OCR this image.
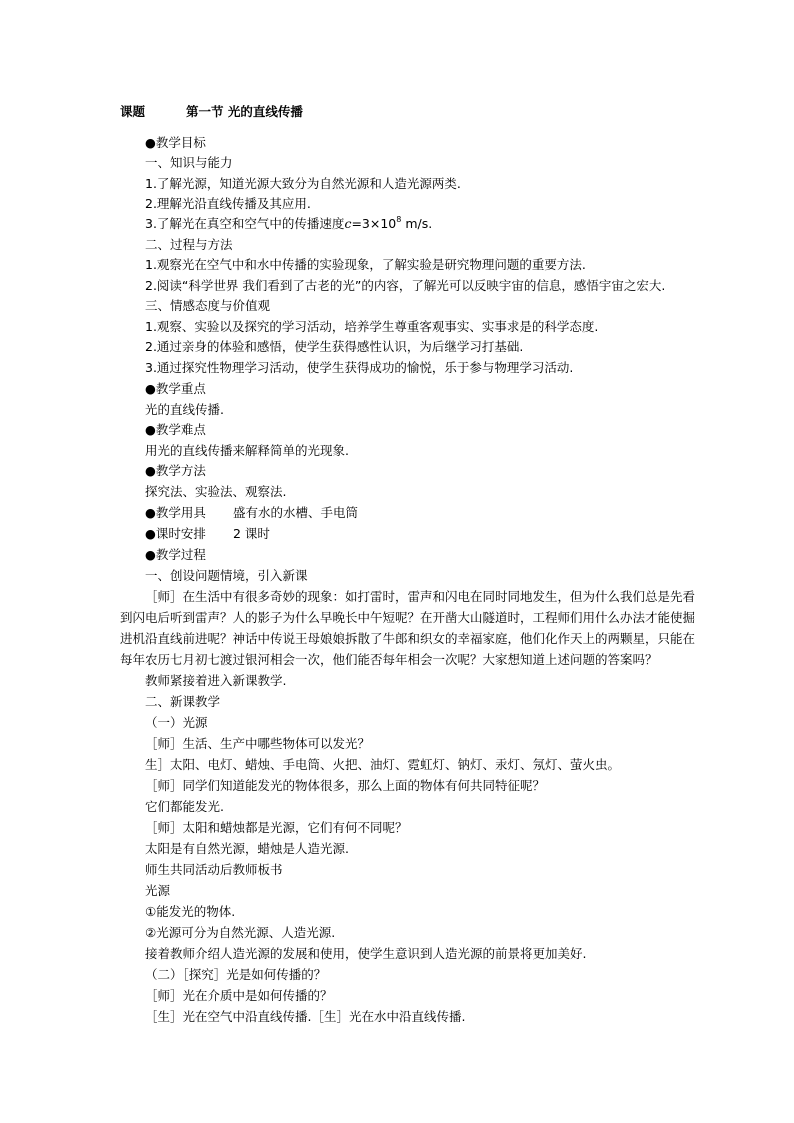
课题	第一节 光的直线传播
●教学目标
一、知识与能力
1.了解光源，知道光源大致分为自然光源和人造光源两类.
2.理解光沿直线传播及其应用.
3.了解光在真空和空气中的传播速度$c=3\times 10^8$ m/s.
二、过程与方法
1.观察光在空气中和水中传播的实验现象，了解实验是研究物理问题的重要方法.
2.阅读“科学世界 我们看到了古老的光”的内容，了解光可以反映宇宙的信息，感悟宇宙之宏大.
三、情感态度与价值观
1.观察、实验以及探究的学习活动，培养学生尊重客观事实、实事求是的科学态度.
2.通过亲身的体验和感悟，使学生获得感性认识，为后继学习打基础.
3.通过探究性物理学习活动，使学生获得成功的愉悦，乐于参与物理学习活动.
●教学重点
光的直线传播.
●教学难点
用光的直线传播来解释简单的光现象.
●教学方法
探究法、实验法、观察法.
●教学用具 盛有水的水槽、手电筒
●课时安排 2 课时
●教学过程
一、创设问题情境，引入新课
［师］在生活中有很多奇妙的现象：如打雷时，雷声和闪电在同时同地发生，但为什么我们总是先看
到闪电后听到雷声？人的影子为什么早晚长中午短呢？在开凿大山隧道时，工程师们用什么办法才能使掘
进机沿直线前进呢？神话中传说王母娘娘拆散了牛郎和织女的幸福家庭，他们化作天上的两颗星，只能在
每年农历七月初七渡过银河相会一次，他们能否每年相会一次呢？大家想知道上述问题的答案吗？
教师紧接着进入新课教学.
二、新课教学
（一）光源
［师］生活、生产中哪些物体可以发光？
生］太阳、电灯、蜡烛、手电筒、火把、油灯、霓虹灯、钠灯、汞灯、氖灯、萤火虫。
［师］同学们知道能发光的物体很多，那么上面的物体有何共同特征呢？
它们都能发光.
［师］太阳和蜡烛都是光源，它们有何不同呢？
太阳是有自然光源，蜡烛是人造光源.
师生共同活动后教师板书
光源
①能发光的物体.
②光源可分为自然光源、人造光源.
接着教师介绍人造光源的发展和使用，使学生意识到人造光源的前景将更加美好.
（二）［探究］光是如何传播的？
［师］光在介质中是如何传播的？
［生］光在空气中沿直线传播.［生］光在水中沿直线传播.
